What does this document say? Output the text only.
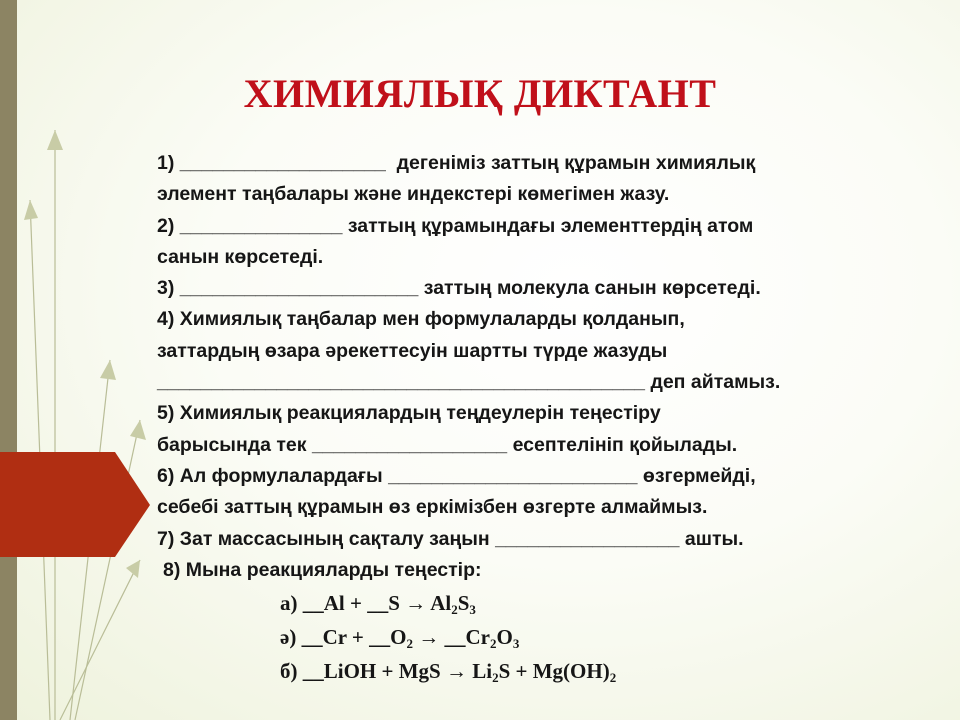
ХИМИЯЛЫҚ ДИКТАНТ
1) ___________________  дегеніміз заттың құрамын химиялық
элемент таңбалары және индекстері көмегімен жазу.
2) _______________ заттың құрамындағы элементтердің атом
санын көрсетеді.
3) ______________________ заттың молекула санын көрсетеді.
4) Химиялық таңбалар мен формулаларды қолданып,
заттардың өзара әрекеттесуін шартты түрде жазуды
_____________________________________________ деп айтамыз.
5) Химиялық реакциялардың теңдеулерін теңестіру
барысында тек __________________ есептелініп қойылады.
6) Ал формулалардағы _______________________ өзгермейді,
себебі заттың құрамын өз еркімізбен өзгерте алмаймыз.
7) Зат массасының сақталу заңын _________________ ашты.
8) Мына реакцияларды теңестір:
а) __Al + __S → $Al_2S_3$
ә) __Cr + $\_\_O_2$ → $\_\_Cr_2O_3$
б) __LiOH + MgS → $Li_2S + Mg(OH)_2$
